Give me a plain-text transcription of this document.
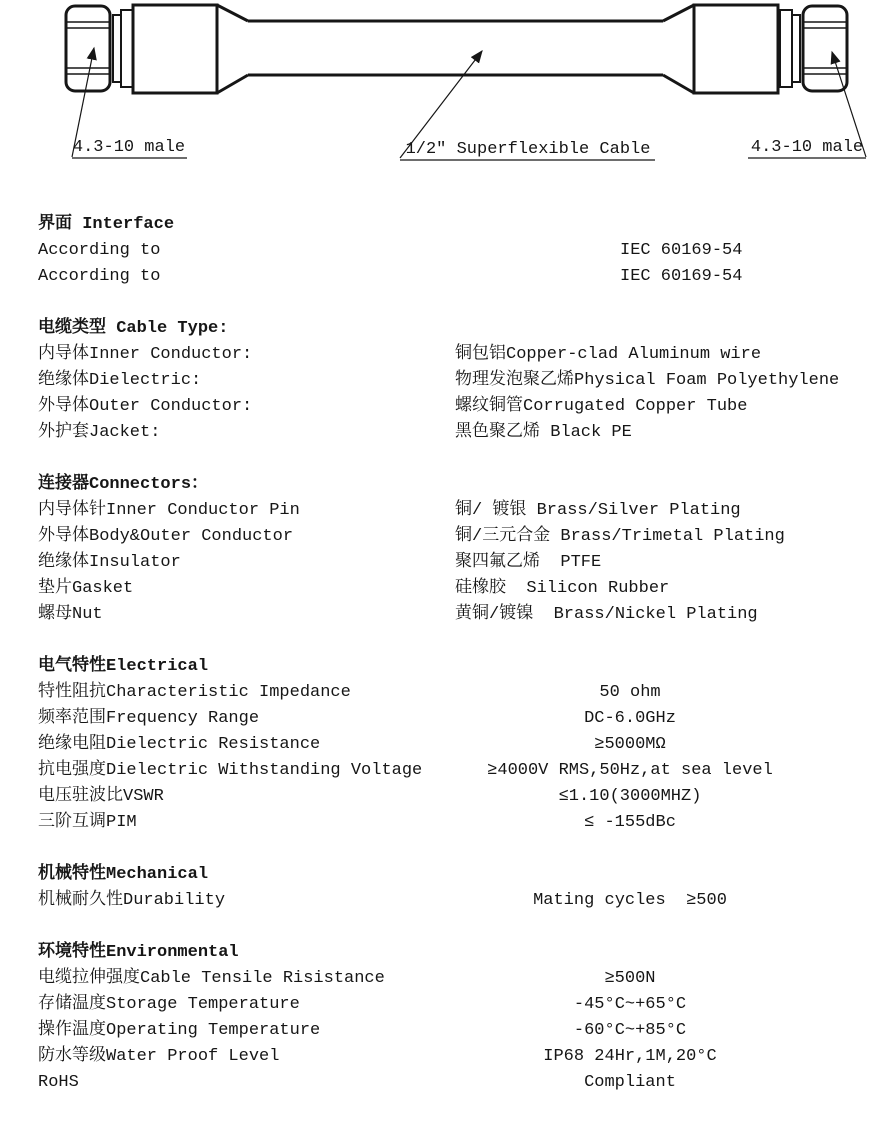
4.3-10 male	1/2″ Superflexible Cable	4.3-10 male
界面 Interface
According to	IEC 60169-54
According to	IEC 60169-54
电缆类型 Cable Type:
内导体Inner Conductor:	铜包铝Copper-clad Aluminum wire
绝缘体Dielectric:	物理发泡聚乙烯Physical Foam Polyethylene
外导体Outer Conductor:	螺纹铜管Corrugated Copper Tube
外护套Jacket:	黑色聚乙烯 Black PE
连接器Connectors：
内导体针Inner Conductor Pin	铜/ 镀银 Brass/Silver Plating
外导体Body&Outer Conductor	铜/三元合金 Brass/Trimetal Plating
绝缘体Insulator	聚四氟乙烯  PTFE
垫片Gasket	硅橡胶  Silicon Rubber
螺母Nut	黄铜/镀镍  Brass/Nickel Plating
电气特性Electrical
特性阻抗Characteristic Impedance	50 ohm
频率范围Frequency Range	DC-6.0GHz
绝缘电阻Dielectric Resistance	≥5000MΩ
抗电强度Dielectric Withstanding Voltage	≥4000V RMS,50Hz,at sea level
电压驻波比VSWR	≤1.10(3000MHZ)
三阶互调PIM	≤ -155dBc
机械特性Mechanical
机械耐久性Durability	Mating cycles  ≥500
环境特性Environmental
电缆拉伸强度Cable Tensile Risistance	≥500N
存储温度Storage Temperature	-45°C~+65°C
操作温度Operating Temperature	-60°C~+85°C
防水等级Water Proof Level	IP68 24Hr,1M,20°C
RoHS	Compliant
